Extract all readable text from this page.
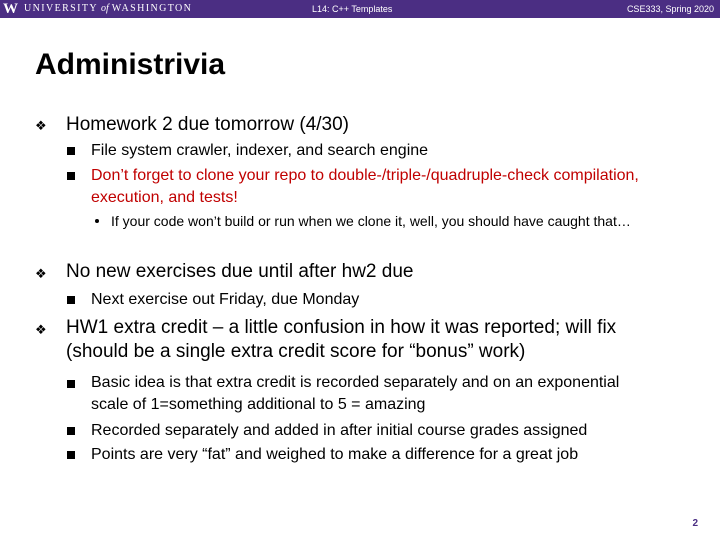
W UNIVERSITY of WASHINGTON	L14: C++ Templates	CSE333, Spring 2020
Administrivia
❖ Homework 2 due tomorrow (4/30)
File system crawler, indexer, and search engine
Don’t forget to clone your repo to double-/triple-/quadruple-check compilation, execution, and tests!
If your code won’t build or run when we clone it, well, you should have caught that…
❖ No new exercises due until after hw2 due
Next exercise out Friday, due Monday
❖ HW1 extra credit – a little confusion in how it was reported; will fix (should be a single extra credit score for “bonus” work)
Basic idea is that extra credit is recorded separately and on an exponential scale of 1=something additional to 5 = amazing
Recorded separately and added in after initial course grades assigned
Points are very “fat” and weighed to make a difference for a great job
2
